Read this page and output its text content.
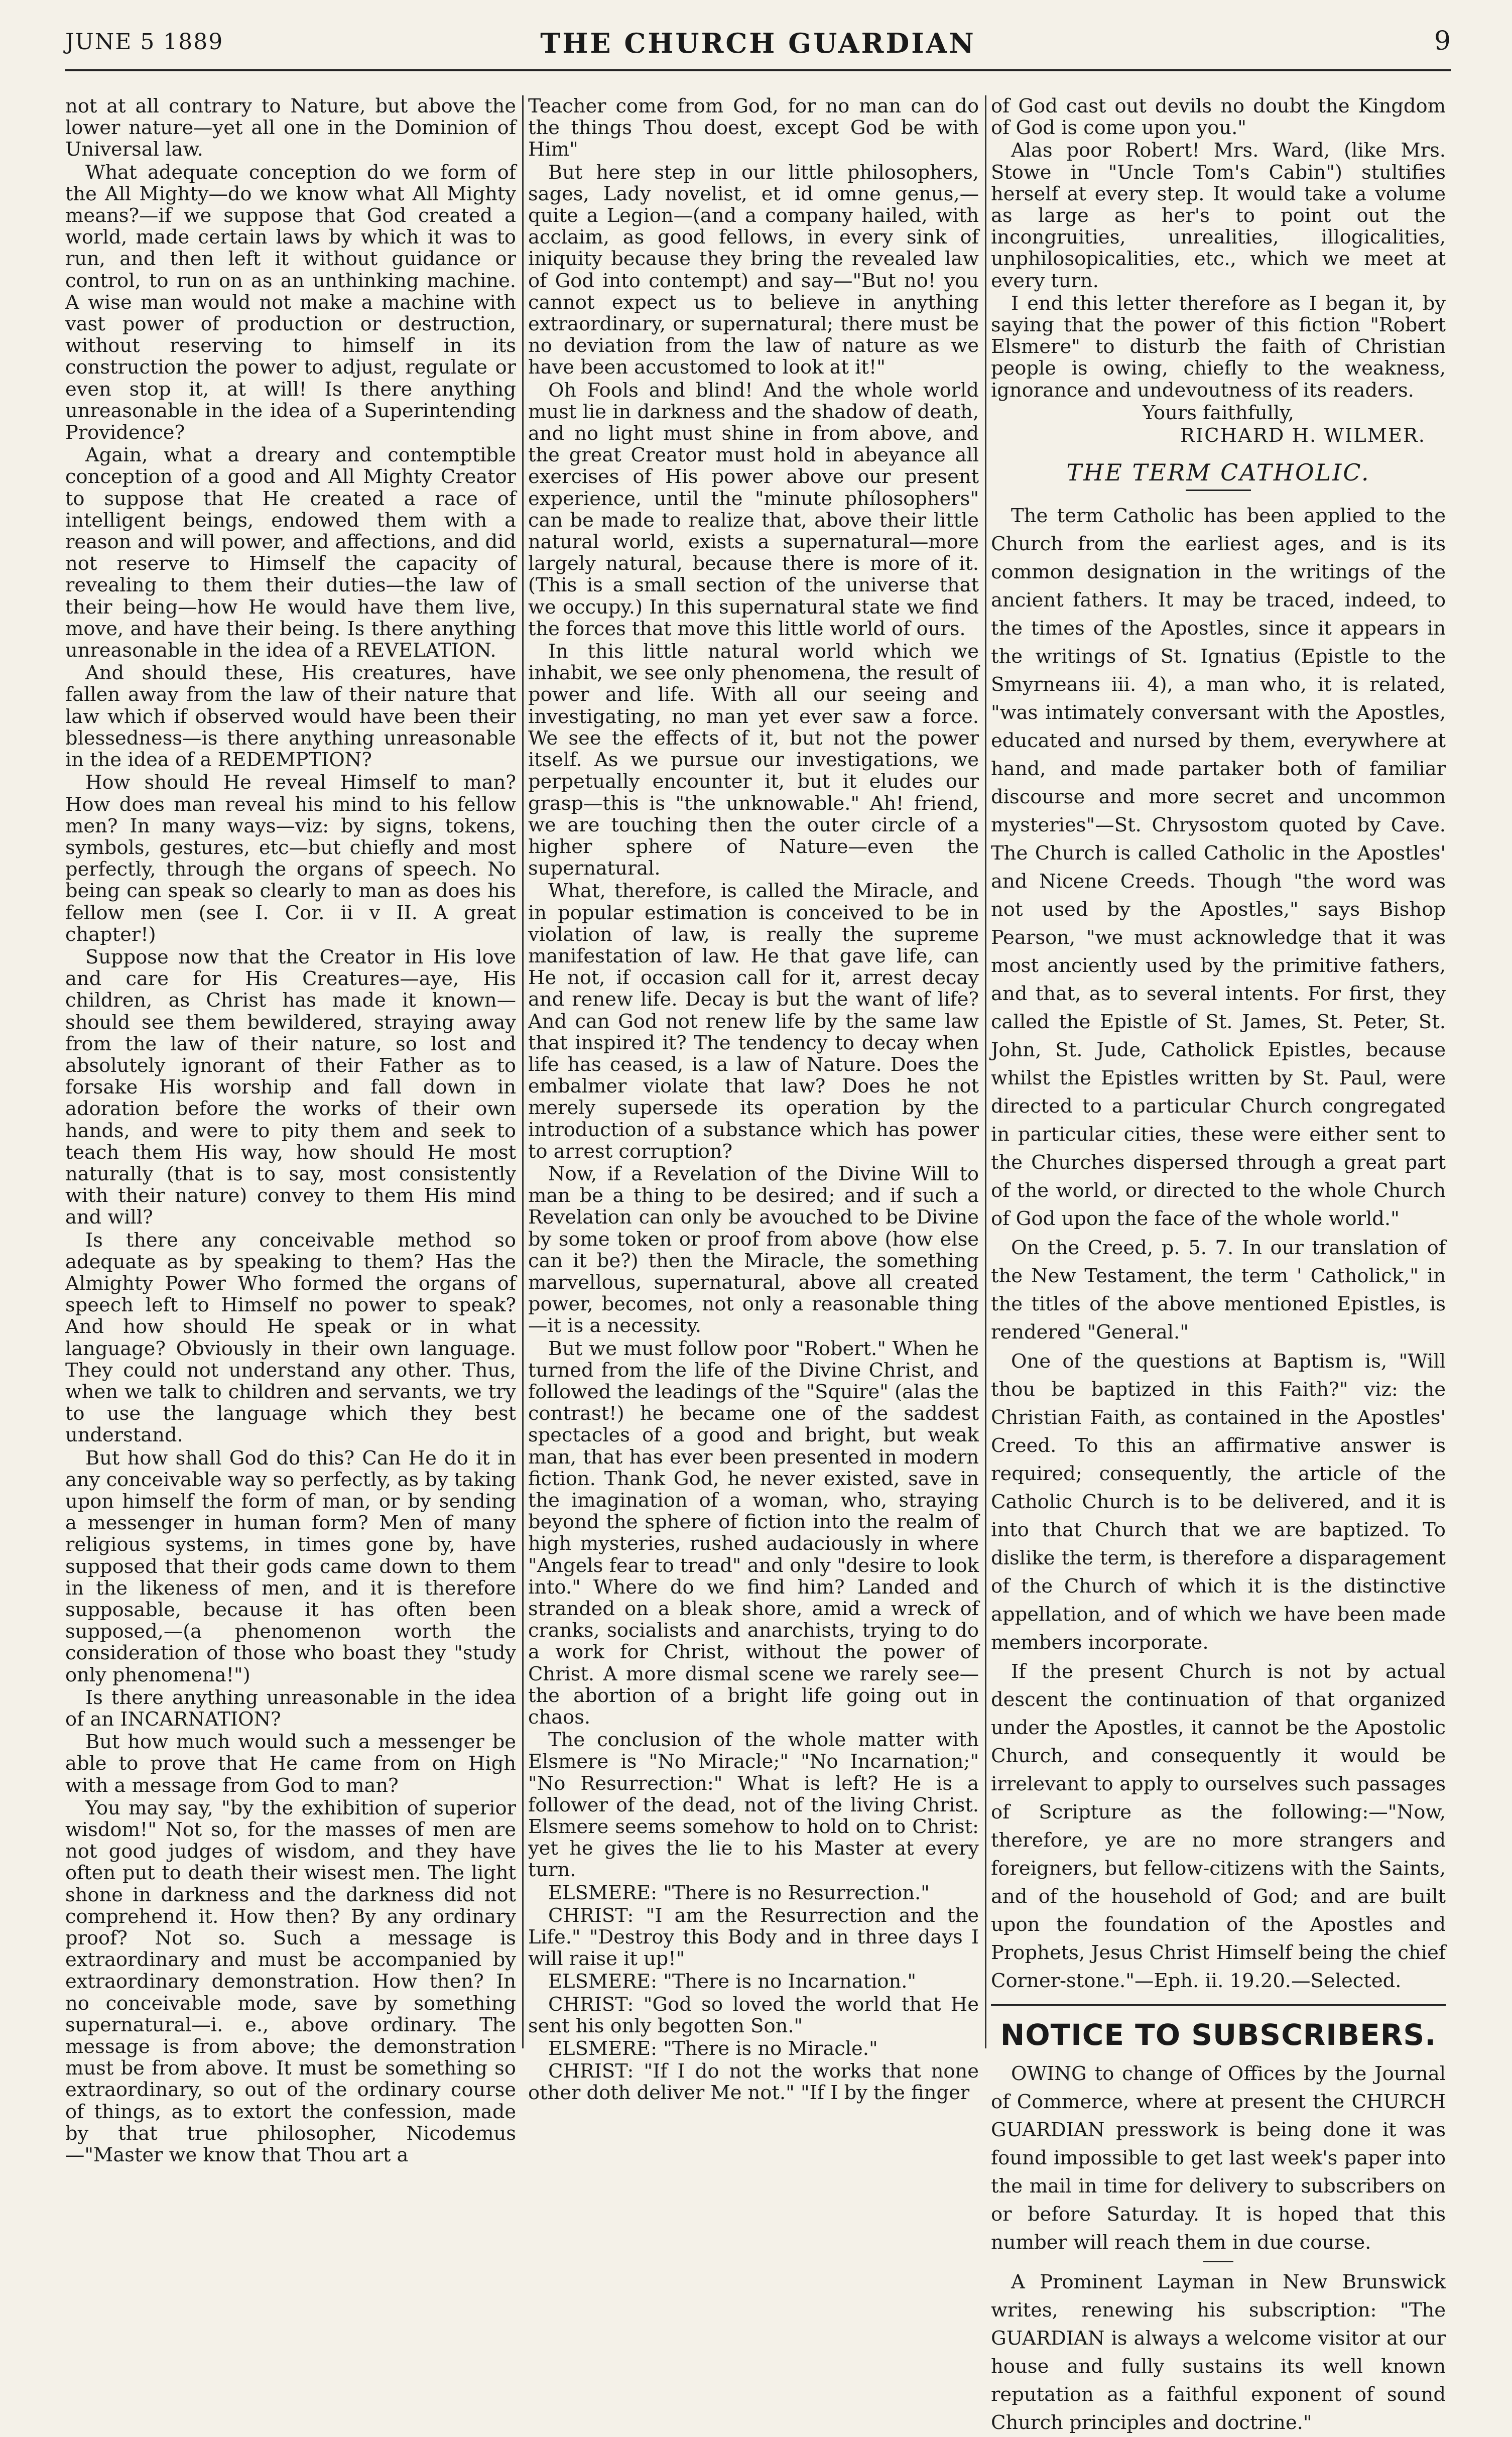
JUNE 5 1889	THE CHURCH GUARDIAN	9

not at all contrary to Nature, but above the lower nature—yet all one in the Dominion of Universal law.

What adequate conception do we form of the All Mighty—do we know what All Mighty means?—if we suppose that God created a world, made certain laws by which it was to run, and then left it without guidance or control, to run on as an unthinking machine. A wise man would not make a machine with vast power of production or destruction, without reserving to himself in its construction the power to adjust, regulate or even stop it, at will! Is there anything unreasonable in the idea of a Superintending Providence?

Again, what a dreary and contemptible conception of a good and All Mighty Creator to suppose that He created a race of intelligent beings, endowed them with a reason and will power, and affections, and did not reserve to Himself the capacity of revealing to them their duties—the law of their being—how He would have them live, move, and have their being. Is there anything unreasonable in the idea of a REVELATION.

And should these, His creatures, have fallen away from the law of their nature that law which if observed would have been their blessedness—is there anything unreasonable in the idea of a REDEMPTION?

How should He reveal Himself to man? How does man reveal his mind to his fellow men? In many ways—viz: by signs, tokens, symbols, gestures, etc—but chiefly and most perfectly, through the organs of speech. No being can speak so clearly to man as does his fellow men (see I. Cor. ii v II. A great chapter!)

Suppose now that the Creator in His love and care for His Creatures—aye, His children, as Christ has made it known—should see them bewildered, straying away from the law of their nature, so lost and absolutely ignorant of their Father as to forsake His worship and fall down in adoration before the works of their own hands, and were to pity them and seek to teach them His way, how should He most naturally (that is to say, most consistently with their nature) convey to them His mind and will?

Is there any conceivable method so adequate as by speaking to them? Has the Almighty Power Who formed the organs of speech left to Himself no power to speak? And how should He speak or in what language? Obviously in their own language. They could not understand any other. Thus, when we talk to children and servants, we try to use the language which they best understand.

But how shall God do this? Can He do it in any conceivable way so perfectly, as by taking upon himself the form of man, or by sending a messenger in human form? Men of many religious systems, in times gone by, have supposed that their gods came down to them in the likeness of men, and it is therefore supposable, because it has often been supposed,—(a phenomenon worth the consideration of those who boast they "study only phenomena!")

Is there anything unreasonable in the idea of an INCARNATION?

But how much would such a messenger be able to prove that He came from on High with a message from God to man?

You may say, "by the exhibition of superior wisdom!" Not so, for the masses of men are not good judges of wisdom, and they have often put to death their wisest men. The light shone in darkness and the darkness did not comprehend it. How then? By any ordinary proof? Not so. Such a message is extraordinary and must be accompanied by extraordinary demonstration. How then? In no conceivable mode, save by something supernatural—i. e., above ordinary. The message is from above; the demonstration must be from above. It must be something so extraordinary, so out of the ordinary course of things, as to extort the confession, made by that true philosopher, Nicodemus—"Master we know that Thou art a

Teacher come from God, for no man can do the things Thou doest, except God be with Him"

But here step in our little philosophers, sages, Lady novelist, et id omne genus,—quite a Legion—(and a company hailed, with acclaim, as good fellows, in every sink of iniquity because they bring the revealed law of God into contempt) and say—"But no! you cannot expect us to believe in anything extraordinary, or supernatural; there must be no deviation from the law of nature as we have been accustomed to look at it!"

Oh Fools and blind! And the whole world must lie in darkness and the shadow of death, and no light must shine in from above, and the great Creator must hold in abeyance all exercises of His power above our present experience, until the "minute phílosophers" can be made to realize that, above their little natural world, exists a supernatural—more largely natural, because there is more of it. (This is a small section of the universe that we occupy.) In this supernatural state we find the forces that move this little world of ours.

In this little natural world which we inhabit, we see only phenomena, the result of power and life. With all our seeing and investigating, no man yet ever saw a force. We see the effects of it, but not the power itself. As we pursue our investigations, we perpetually encounter it, but it eludes our grasp—this is "the unknowable." Ah! friend, we are touching then the outer circle of a higher sphere of Nature—even the supernatural.

What, therefore, is called the Miracle, and in popular estimation is conceived to be in violation of law, is really the supreme manifestation of law. He that gave life, can He not, if occasion call for it, arrest decay and renew life. Decay is but the want of life? And can God not renew life by the same law that inspired it? The tendency to decay when life has ceased, is a law of Nature. Does the embalmer violate that law? Does he not merely supersede its operation by the introduction of a substance which has power to arrest corruption?

Now, if a Revelation of the Divine Will to man be a thing to be desired; and if such a Revelation can only be avouched to be Divine by some token or proof from above (how else can it be?) then the Miracle, the something marvellous, supernatural, above all created power, becomes, not only a reasonable thing—it is a necessity.

But we must follow poor "Robert." When he turned from the life of the Divine Christ, and followed the leadings of the "Squire" (alas the contrast!) he became one of the saddest spectacles of a good and bright, but weak man, that has ever been presented in modern fiction. Thank God, he never existed, save in the imagination of a woman, who, straying beyond the sphere of fiction into the realm of high mysteries, rushed audaciously in where "Angels fear to tread" and only "desire to look into." Where do we find him? Landed and stranded on a bleak shore, amid a wreck of cranks, socialists and anarchists, trying to do a work for Christ, without the power of Christ. A more dismal scene we rarely see—the abortion of a bright life going out in chaos.

The conclusion of the whole matter with Elsmere is "No Miracle;" "No Incarnation;" "No Resurrection:" What is left? He is a follower of the dead, not of the living Christ. Elsmere seems somehow to hold on to Christ: yet he gives the lie to his Master at every turn.

ELSMERE: "There is no Resurrection."

CHRIST: "I am the Resurrection and the Life." "Destroy this Body and in three days I will raise it up!"

ELSMERE: "There is no Incarnation."

CHRIST: "God so loved the world that He sent his only begotten Son."

ELSMERE: "There is no Miracle."

CHRIST: "If I do not the works that none other doth deliver Me not." "If I by the finger

of God cast out devils no doubt the Kingdom of God is come upon you."

Alas poor Robert! Mrs. Ward, (like Mrs. Stowe in "Uncle Tom's Cabin") stultifies herself at every step. It would take a volume as large as her's to point out the incongruities, unrealities, illogicalities, unphilosopicalities, etc., which we meet at every turn.

I end this letter therefore as I began it, by saying that the power of this fiction "Robert Elsmere" to disturb the faith of Christian people is owing, chiefly to the weakness, ignorance and undevoutness of its readers.

Yours faithfully,
RICHARD H. WILMER.
THE TERM CATHOLIC.

The term Catholic has been applied to the Church from the earliest ages, and is its common designation in the writings of the ancient fathers. It may be traced, indeed, to the times of the Apostles, since it appears in the writings of St. Ignatius (Epistle to the Smyrneans iii. 4), a man who, it is related, "was intimately conversant with the Apostles, educated and nursed by them, everywhere at hand, and made partaker both of familiar discourse and more secret and uncommon mysteries"—St. Chrysostom quoted by Cave. The Church is called Catholic in the Apostles' and Nicene Creeds. Though "the word was not used by the Apostles," says Bishop Pearson, "we must acknowledge that it was most anciently used by the primitive fathers, and that, as to several intents. For first, they called the Epistle of St. James, St. Peter, St. John, St. Jude, Catholick Epistles, because whilst the Epistles written by St. Paul, were directed to a particular Church congregated in particular cities, these were either sent to the Churches dispersed through a great part of the world, or directed to the whole Church of God upon the face of the whole world."

On the Creed, p. 5. 7. In our translation of the New Testament, the term ' Catholick," in the titles of the above mentioned Epistles, is rendered "General."

One of the questions at Baptism is, "Will thou be baptized in this Faith?" viz: the Christian Faith, as contained in the Apostles' Creed. To this an affirmative answer is required; consequently, the article of the Catholic Church is to be delivered, and it is into that Church that we are baptized. To dislike the term, is therefore a disparagement of the Church of which it is the distinctive appellation, and of which we have been made members incorporate.

If the present Church is not by actual descent the continuation of that organized under the Apostles, it cannot be the Apostolic Church, and consequently it would be irrelevant to apply to ourselves such passages of Scripture as the following:—"Now, therefore, ye are no more strangers and foreigners, but fellow-citizens with the Saints, and of the household of God; and are built upon the foundation of the Apostles and Prophets, Jesus Christ Himself being the chief Corner-stone."—Eph. ii. 19.20.—Selected.

NOTICE TO SUBSCRIBERS.

OWING to change of Offices by the Journal of Commerce, where at present the CHURCH GUARDIAN presswork is being done it was found impossible to get last week's paper into the mail in time for delivery to subscribers on or before Saturday. It is hoped that this number will reach them in due course.

A Prominent Layman in New Brunswick writes, renewing his subscription: "The GUARDIAN is always a welcome visitor at our house and fully sustains its well known reputation as a faithful exponent of sound Church principles and doctrine."
